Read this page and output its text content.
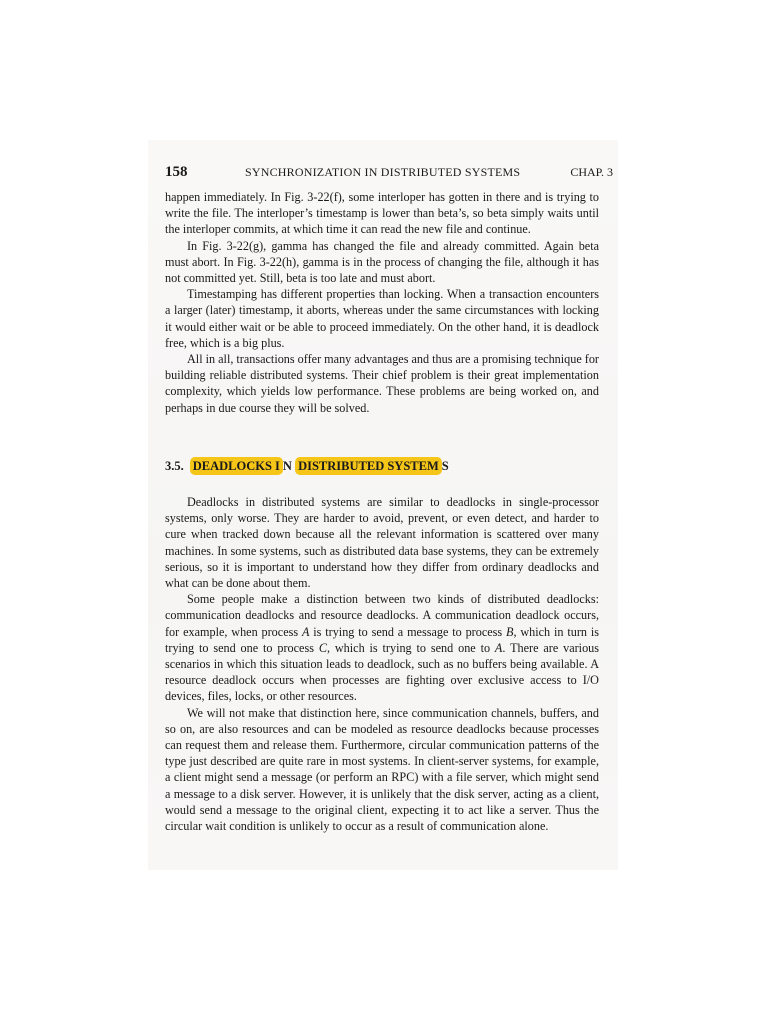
158	SYNCHRONIZATION IN DISTRIBUTED SYSTEMS	CHAP. 3

happen immediately. In Fig. 3-22(f), some interloper has gotten in there and is trying to write the file. The interloper’s timestamp is lower than beta’s, so beta simply waits until the interloper commits, at which time it can read the new file and continue.

In Fig. 3-22(g), gamma has changed the file and already committed. Again beta must abort. In Fig. 3-22(h), gamma is in the process of changing the file, although it has not committed yet. Still, beta is too late and must abort.

Timestamping has different properties than locking. When a transaction encounters a larger (later) timestamp, it aborts, whereas under the same circumstances with locking it would either wait or be able to proceed immediately. On the other hand, it is deadlock free, which is a big plus.

All in all, transactions offer many advantages and thus are a promising technique for building reliable distributed systems. Their chief problem is their great implementation complexity, which yields low performance. These problems are being worked on, and perhaps in due course they will be solved.

3.5. DEADLOCKS I N DISTRIBUTED SYSTEM S

Deadlocks in distributed systems are similar to deadlocks in single-processor systems, only worse. They are harder to avoid, prevent, or even detect, and harder to cure when tracked down because all the relevant information is scattered over many machines. In some systems, such as distributed data base systems, they can be extremely serious, so it is important to understand how they differ from ordinary deadlocks and what can be done about them.

Some people make a distinction between two kinds of distributed deadlocks: communication deadlocks and resource deadlocks. A communication deadlock occurs, for example, when process A is trying to send a message to process B, which in turn is trying to send one to process C, which is trying to send one to A. There are various scenarios in which this situation leads to deadlock, such as no buffers being available. A resource deadlock occurs when processes are fighting over exclusive access to I/O devices, files, locks, or other resources.

We will not make that distinction here, since communication channels, buffers, and so on, are also resources and can be modeled as resource deadlocks because processes can request them and release them. Furthermore, circular communication patterns of the type just described are quite rare in most systems. In client-server systems, for example, a client might send a message (or perform an RPC) with a file server, which might send a message to a disk server. However, it is unlikely that the disk server, acting as a client, would send a message to the original client, expecting it to act like a server. Thus the circular wait condition is unlikely to occur as a result of communication alone.
